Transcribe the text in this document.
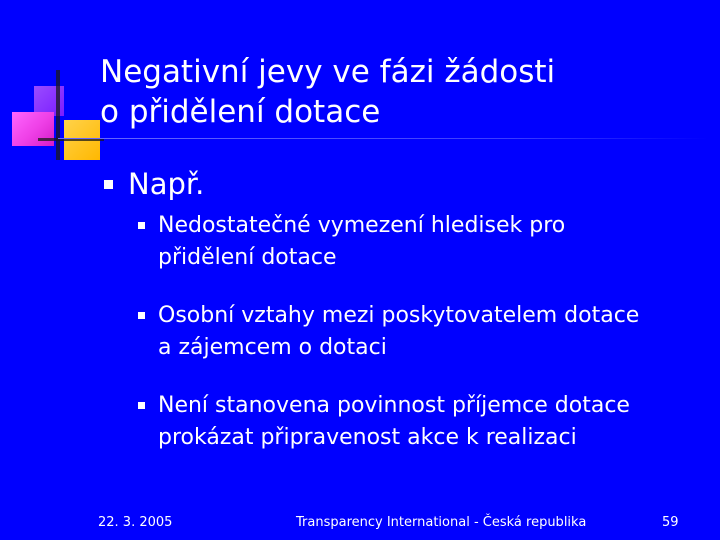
Negativní jevy ve fázi žádosti
o přidělení dotace
Např.
Nedostatečné vymezení hledisek pro
přidělení dotace
Osobní vztahy mezi poskytovatelem dotace
a zájemcem o dotaci
Není stanovena povinnost příjemce dotace
prokázat připravenost akce k realizaci
22. 3. 2005	Transparency International - Česká republika	59
